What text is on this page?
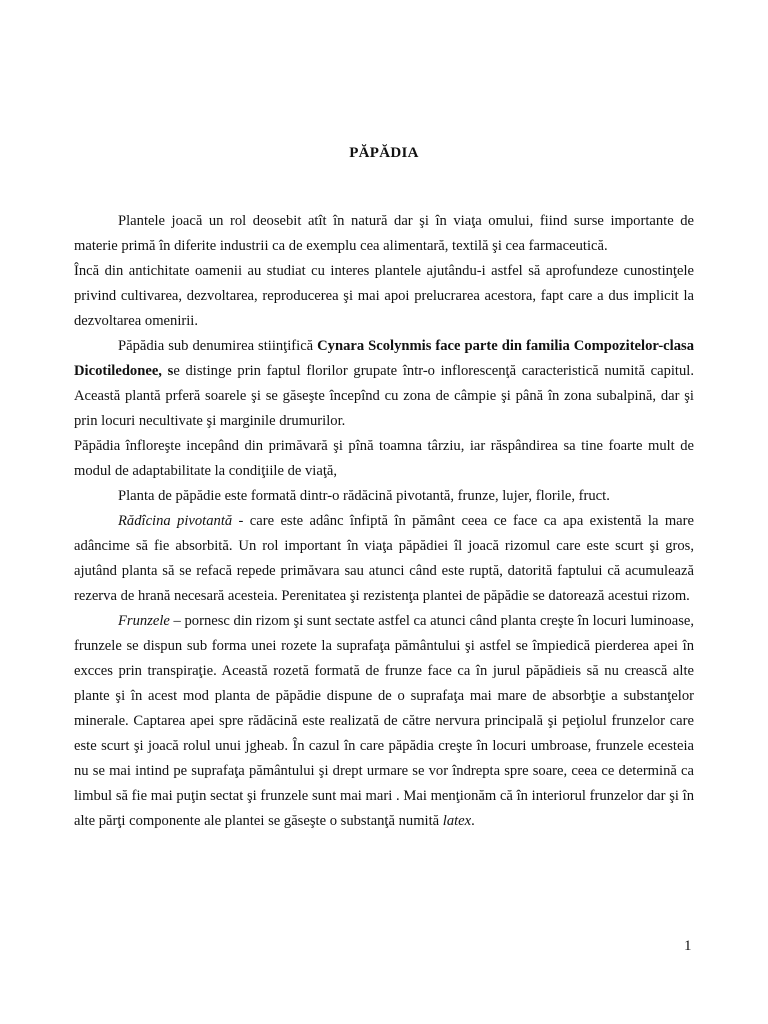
PĂPĂDIA

Plantele joacă un rol deosebit atît în natură dar şi în viaţa omului, fiind surse importante de materie primă în diferite industrii ca de exemplu cea alimentară, textilă şi cea farmaceutică.

Încă din antichitate oamenii au studiat cu interes plantele ajutându-i astfel să aprofundeze cunostinţele privind cultivarea, dezvoltarea, reproducerea şi mai apoi prelucrarea acestora, fapt care a dus implicit la dezvoltarea omenirii.

Păpădia sub denumirea stiinţifică Cynara Scolynmis face parte din familia Compozitelor-clasa Dicotiledonee, se distinge prin faptul florilor grupate într-o inflorescenţă caracteristică numită capitul. Această plantă prferă soarele şi se găseşte începînd cu zona de câmpie şi până în zona subalpină, dar şi prin locuri necultivate şi marginile drumurilor.

Păpădia înfloreşte incepând din primăvară şi pînă toamna târziu, iar răspândirea sa tine foarte mult de modul de adaptabilitate la condiţiile de viaţă,

Planta de păpădie este formată dintr-o rădăcină pivotantă, frunze, lujer, florile, fruct.

Rădîcina pivotantă - care este adânc înfiptă în pământ ceea ce face ca apa existentă la mare adâncime să fie absorbită. Un rol important în viaţa păpădiei îl joacă rizomul care este scurt şi gros, ajutând planta să se refacă repede primăvara sau atunci când este ruptă, datorită faptului că acumulează rezerva de hrană necesară acesteia. Perenitatea şi rezistenţa plantei de păpădie se datorează acestui rizom.

Frunzele – pornesc din rizom şi sunt sectate astfel ca atunci când planta creşte în locuri luminoase, frunzele se dispun sub forma unei rozete la suprafaţa pământului şi astfel se împiedică pierderea apei în excces prin transpiraţie. Această rozetă formată de frunze face ca în jurul păpădieis să nu crească alte plante şi în acest mod planta de păpădie dispune de o suprafaţa mai mare de absorbţie a substanţelor minerale. Captarea apei spre rădăcină este realizată de către nervura principală şi peţiolul frunzelor care este scurt şi joacă rolul unui jgheab. În cazul în care păpădia creşte în locuri umbroase, frunzele ecesteia nu se mai intind pe suprafaţa pământului şi drept urmare se vor îndrepta spre soare, ceea ce determină ca limbul să fie mai puţin sectat şi frunzele sunt mai mari . Mai menţionăm că în interiorul frunzelor dar şi în alte părţi componente ale plantei se găseşte o substanţă numită latex.

1
